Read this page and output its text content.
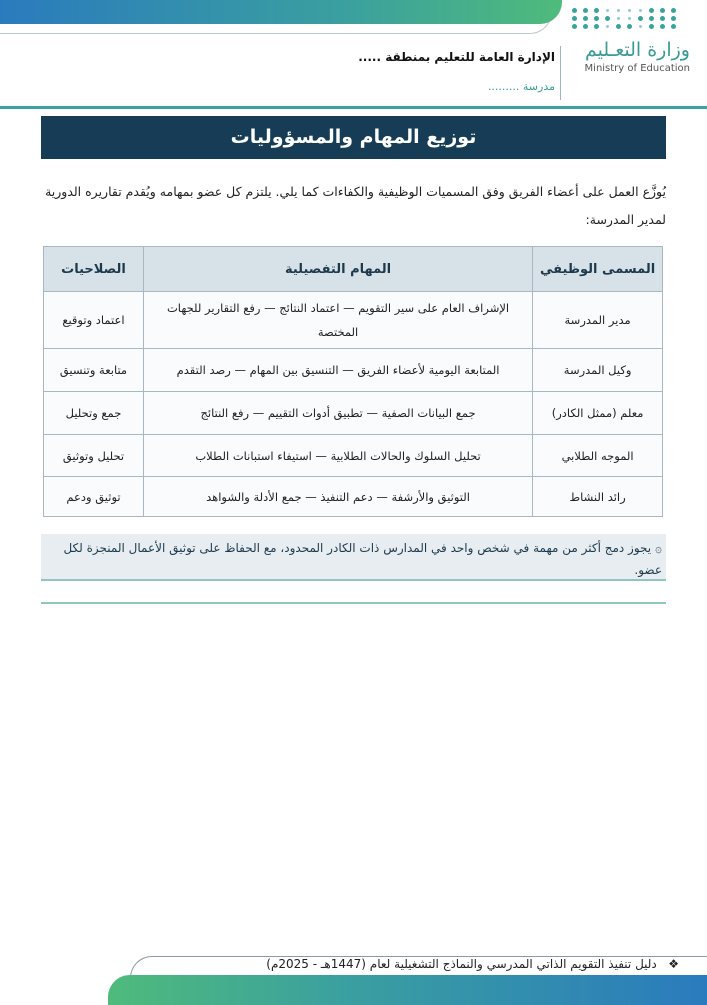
وزارة التعـليم
Ministry of Education
الإدارة العامة للتعليم بمنطقة .....
مدرسة .........
توزيع المهام والمسؤوليات
يُوزَّع العمل على أعضاء الفريق وفق المسميات الوظيفية والكفاءات كما يلي. يلتزم كل عضو بمهامه ويُقدم تقاريره الدورية لمدير المدرسة:
المسمى الوظيفي	المهام التفصيلية	الصلاحيات
مدير المدرسة	الإشراف العام على سير التقويم — اعتماد النتائج — رفع التقارير للجهات المختصة	اعتماد وتوقيع
وكيل المدرسة	المتابعة اليومية لأعضاء الفريق — التنسيق بين المهام — رصد التقدم	متابعة وتنسيق
معلم (ممثل الكادر)	جمع البيانات الصفية — تطبيق أدوات التقييم — رفع النتائج	جمع وتحليل
الموجه الطلابي	تحليل السلوك والحالات الطلابية — استيفاء استبانات الطلاب	تحليل وتوثيق
رائد النشاط	التوثيق والأرشفة — دعم التنفيذ — جمع الأدلة والشواهد	توثيق ودعم
۞ يجوز دمج أكثر من مهمة في شخص واحد في المدارس ذات الكادر المحدود، مع الحفاظ على توثيق الأعمال المنجزة لكل عضو.
❖   دليل تنفيذ التقويم الذاتي المدرسي والنماذج التشغيلية لعام (1447هـ - 2025م)
